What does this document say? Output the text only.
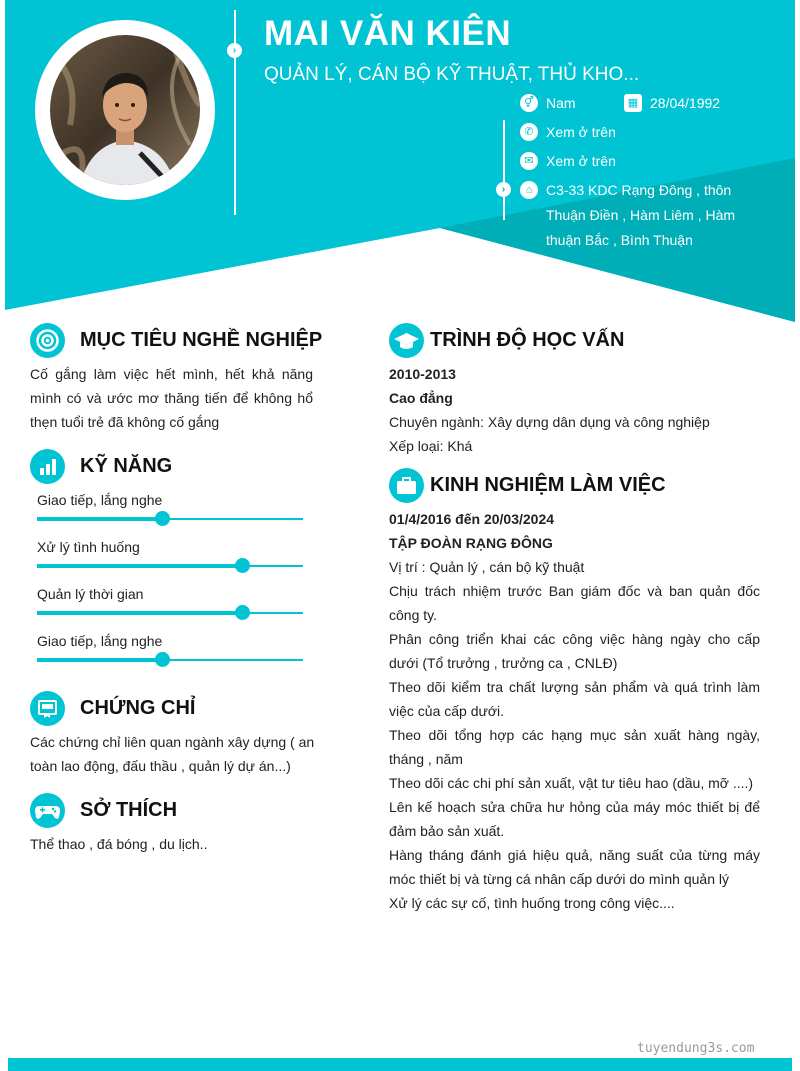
› MAI VĂN KIÊN
QUẢN LÝ, CÁN BỘ KỸ THUẬT, THỦ KHO...
›
⚥ Nam	▦ 28/04/1992
✆ Xem ở trên
✉ Xem ở trên
⌂ C3-33 KDC Rạng Đông , thôn Thuận Điền , Hàm Liêm , Hàm thuận Bắc , Bình Thuận
MỤC TIÊU NGHỀ NGHIỆP
Cố gắng làm việc hết mình, hết khả năng mình có và ước mơ thăng tiến để không hổ thẹn tuổi trẻ đã không cố gắng
KỸ NĂNG
Giao tiếp, lắng nghe
Xử lý tình huống
Quản lý thời gian
Giao tiếp, lắng nghe
CHỨNG CHỈ
Các chứng chỉ liên quan ngành xây dựng ( an toàn lao động, đấu thầu , quản lý dự án...)
SỞ THÍCH
Thể thao , đá bóng , du lịch..
TRÌNH ĐỘ HỌC VẤN
2010-2013
Cao đẳng
Chuyên ngành: Xây dựng dân dụng và công nghiệp
Xếp loại: Khá
KINH NGHIỆM LÀM VIỆC
01/4/2016 đến 20/03/2024
TẬP ĐOÀN RẠNG ĐÔNG
Vị trí : Quản lý , cán bộ kỹ thuật
Chịu trách nhiệm trước Ban giám đốc và ban quản đốc công ty.
Phân công triển khai các công việc hàng ngày cho cấp dưới (Tổ trưởng , trưởng ca , CNLĐ)
Theo dõi kiểm tra chất lượng sản phẩm và quá trình làm việc của cấp dưới.
Theo dõi tổng hợp các hạng mục sản xuất hàng ngày, tháng , năm
Theo dõi các chi phí sản xuất, vật tư tiêu hao (dầu, mỡ ....)
Lên kế hoạch sửa chữa hư hỏng của máy móc thiết bị để đảm bảo sản xuất.
Hàng tháng đánh giá hiệu quả, năng suất của từng máy móc thiết bị và từng cá nhân cấp dưới do mình quản lý
Xử lý các sự cố, tình huống trong công việc....
tuyendung3s.com
